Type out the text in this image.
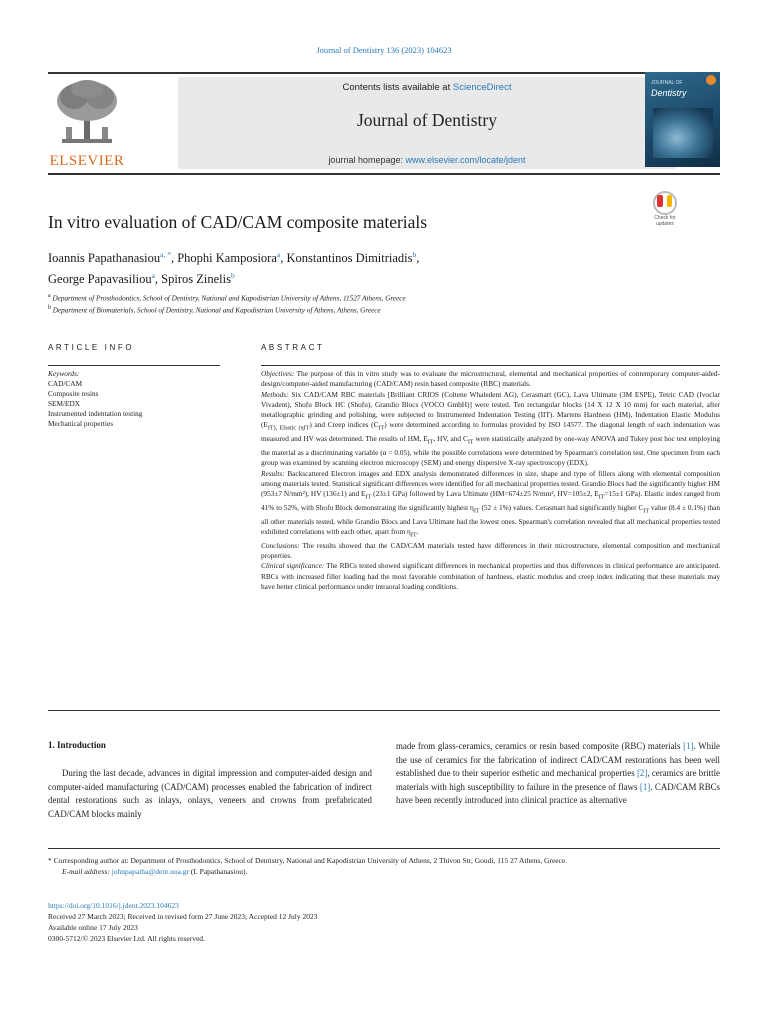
Journal of Dentistry 136 (2023) 104623
ELSEVIER
Contents lists available at ScienceDirect
Journal of Dentistry
journal homepage: www.elsevier.com/locate/jdent
JOURNAL OF
Dentistry
In vitro evaluation of CAD/CAM composite materials	Check for
updates
Ioannis Papathanasiou$^{a, *}$, Phophi Kamposiora$^a$, Konstantinos Dimitriadis$^b$,
George Papavasiliou$^a$, Spiros Zinelis$^b$
$^a$ Department of Prosthodontics, School of Dentistry, National and Kapodistrian University of Athens, 11527 Athens, Greece
$^b$ Department of Biomaterials, School of Dentistry, National and Kapodistrian University of Athens, Athens, Greece
ARTICLE INFO	ABSTRACT
Keywords:
CAD/CAM
Composite resins
SEM/EDX
Instrumented indentation testing
Mechanical properties

Objectives: The purpose of this in vitro study was to evaluate the microstructural, elemental and mechanical properties of contemporary computer-aided-design/computer-aided manufacturing (CAD/CAM) resin based composite (RBC) materials.

Methods: Six CAD/CAM RBC materials [Brilliant CRIOS (Coltene Whaledent AG), Cerasmart (GC), Lava Ultimate (3M ESPE), Tetric CAD (Ivoclar Vivadent), Shofu Block HC (Shofu), Grandio Blocs (VOCO GmbH)] were tested. Ten rectangular blocks (14 X 12 X 10 mm) for each material, after metallographic grinding and polishing, were subjected to Instrumented Indentation Testing (IIT). Martens Hardness (HM), Indentation Elastic Modulus $(E_{IT), Elastic (\eta IT})$ and Creep indices $(C_{IT})$ were determined according to formulas provided by ISO 14577. The diagonal length of each indentation was measured and HV was determined. The results of HM, $E_{IT}$, HV, and $C_{IT}$ were statistically analyzed by one-way ANOVA and Tukey post hoc test employing the material as a discriminating variable (α = 0.05), while the possible correlations were determined by Spearman's correlation test. One specimen from each group was examined by scanning electron microscopy (SEM) and energy dispersive X-ray spectroscopy (EDX).

Results: Backscattered Electron images and EDX analysis demonstrated differences in size, shape and type of fillers along with elemental composition among materials tested. Statistical significant differences were identified for all mechanical properties tested. Grandio Blocs had the significantly higher HM (953±7 N/mm²), HV (136±1) and $E_{IT}$ (23±1 GPa) followed by Lava Ultimate (HM=674±25 N/mm², HV=105±2, $E_{IT}=15\pm 1$ GPa). Elastic index ranged from 41% to 52%, with Shofu Block demonstrating the significantly highest $\eta_{IT}$ (52 ± 1%) values. Cerasmart had significantly higher $C_{IT}$ value (8.4 ± 0.1%) than all other materials tested, while Grandio Blocs and Lava Ultimate had the lowest ones. Spearman's correlation revealed that all mechanical properties tested exhibited correlations with each other, apart from $\eta_{IT}$.

Conclusions: The results showed that the CAD/CAM materials tested have differences in their microstructure, elemental composition and mechanical properties.

Clinical significance: The RBCs tested showed significant differences in mechanical properties and thus differences in clinical performance are anticipated. RBCs with increased filler loading had the most favorable combination of hardness, elastic modulus and creep index indicating that these materials may have better clinical performance under intraoral loading conditions.

1. Introduction
During the last decade, advances in digital impression and computer-aided design and computer-aided manufacturing (CAD/CAM) processes enabled the fabrication of indirect dental restorations such as inlays, onlays, veneers and crowns from prefabricated CAD/CAM blocks mainly
made from glass-ceramics, ceramics or resin based composite (RBC) materials [1]. While the use of ceramics for the fabrication of indirect CAD/CAM restorations has been well established due to their superior esthetic and mechanical properties [2], ceramics are brittle materials with high susceptibility to failure in the presence of flaws [1]. CAD/CAM RBCs have been recently introduced into clinical practice as alternative
* Corresponding author at: Department of Prosthodontics, School of Dentistry, National and Kapodistrian University of Athens, 2 Thivon Str, Goudi, 115 27 Athens, Greece.
E-mail address: johnpapatha@dent.uoa.gr (I. Papathanasiou).
https://doi.org/10.1016/j.jdent.2023.104623
Received 27 March 2023; Received in revised form 27 June 2023; Accepted 12 July 2023
Available online 17 July 2023
0300-5712/© 2023 Elsevier Ltd. All rights reserved.
